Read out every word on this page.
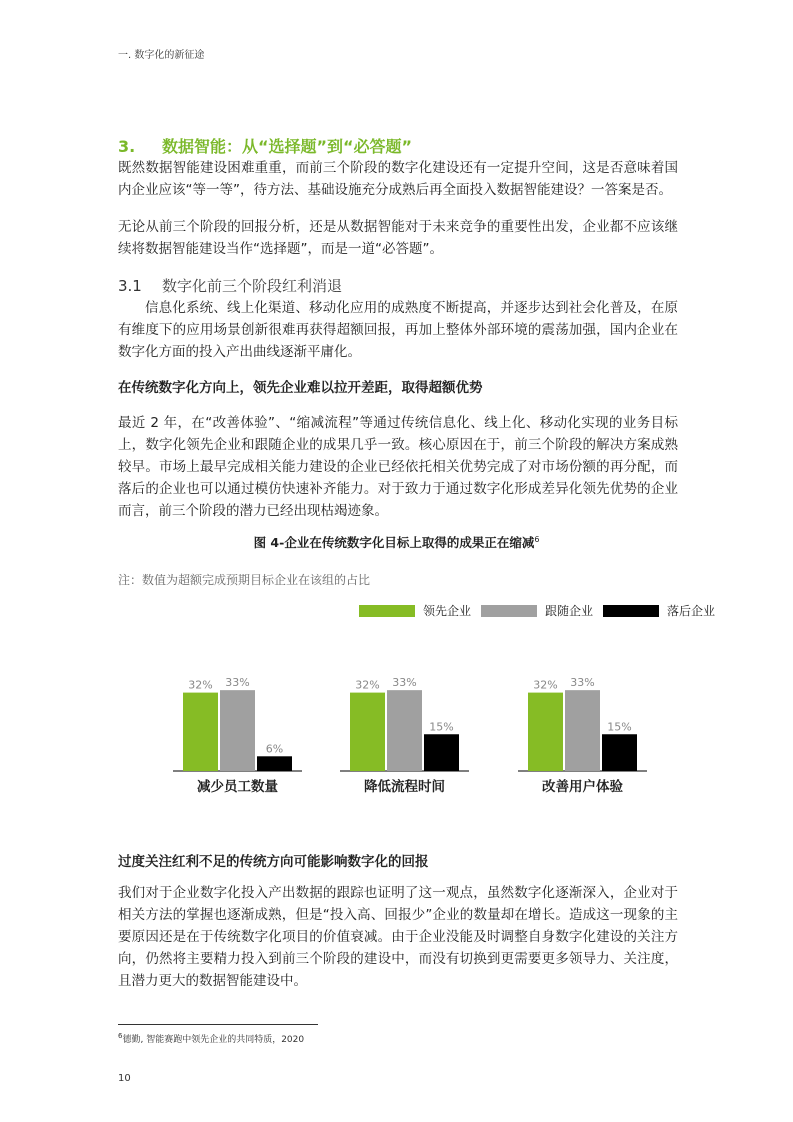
一. 数字化的新征途
3. 数据智能：从“选择题”到“必答题”
既然数据智能建设困难重重，而前三个阶段的数字化建设还有一定提升空间，这是否意味着国内企业应该“等一等”，待方法、基础设施充分成熟后再全面投入数据智能建设？一答案是否。
无论从前三个阶段的回报分析，还是从数据智能对于未来竞争的重要性出发，企业都不应该继续将数据智能建设当作“选择题”，而是一道“必答题”。
3.1 数字化前三个阶段红利消退
信息化系统、线上化渠道、移动化应用的成熟度不断提高，并逐步达到社会化普及，在原有维度下的应用场景创新很难再获得超额回报，再加上整体外部环境的震荡加强，国内企业在数字化方面的投入产出曲线逐渐平庸化。
在传统数字化方向上，领先企业难以拉开差距，取得超额优势
最近 2 年，在“改善体验”、“缩减流程”等通过传统信息化、线上化、移动化实现的业务目标上，数字化领先企业和跟随企业的成果几乎一致。核心原因在于，前三个阶段的解决方案成熟较早。市场上最早完成相关能力建设的企业已经依托相关优势完成了对市场份额的再分配，而落后的企业也可以通过模仿快速补齐能力。对于致力于通过数字化形成差异化领先优势的企业而言，前三个阶段的潜力已经出现枯竭迹象。
图 4-企业在传统数字化目标上取得的成果正在缩减$^6$
注：数值为超额完成预期目标企业在该组的占比
领先企业	跟随企业	落后企业
32% 33%
6%
减少员工数量
32% 33%
15%
降低流程时间
32% 33%
15%
改善用户体验
过度关注红利不足的传统方向可能影响数字化的回报
我们对于企业数字化投入产出数据的跟踪也证明了这一观点，虽然数字化逐渐深入，企业对于相关方法的掌握也逐渐成熟，但是“投入高、回报少”企业的数量却在增长。造成这一现象的主要原因还是在于传统数字化项目的价值衰减。由于企业没能及时调整自身数字化建设的关注方向，仍然将主要精力投入到前三个阶段的建设中，而没有切换到更需要更多领导力、关注度，且潜力更大的数据智能建设中。
$^6$德勤, 智能赛跑中领先企业的共同特质，2020
10
